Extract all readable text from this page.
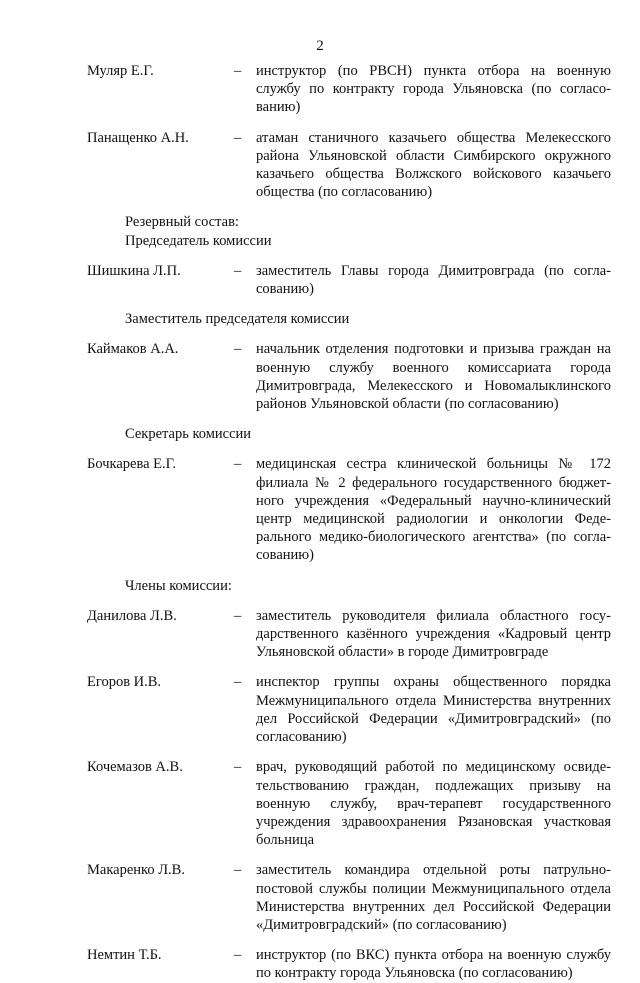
2
Муляр Е.Г.	–	инструктор (по РВСН) пункта отбора на военную службу по контракту города Ульяновска (по согласованию)
Панащенко А.Н.	–	атаман станичного казачьего общества Мелекесского района Ульяновской области Симбирского окружного казачьего общества Волжского войскового казачьего общества (по согласованию)
Резервный состав:
Председатель комиссии
Шишкина Л.П.	–	заместитель Главы города Димитровграда (по согласованию)
Заместитель председателя комиссии
Каймаков А.А.	–	начальник отделения подготовки и призыва граждан на военную службу военного комиссариата города Димитровграда, Мелекесского и Новомалыклинского районов Ульяновской области (по согласованию)
Секретарь комиссии
Бочкарева Е.Г.	–	медицинская сестра клинической больницы № 172 филиала № 2 федерального государственного бюджетного учреждения «Федеральный научно-клинический центр медицинской радиологии и онкологии Федерального медико-биологического агентства» (по согласованию)
Члены комиссии:
Данилова Л.В.	–	заместитель руководителя филиала областного государственного казённого учреждения «Кадровый центр Ульяновской области» в городе Димитровграде
Егоров И.В.	–	инспектор группы охраны общественного порядка Межмуниципального отдела Министерства внутренних дел Российской Федерации «Димитровградский» (по согласованию)
Кочемазов А.В.	–	врач, руководящий работой по медицинскому освидетельствованию граждан, подлежащих призыву на военную службу, врач-терапевт государственного учреждения здравоохранения Рязановская участковая больница
Макаренко Л.В.	–	заместитель командира отдельной роты патрульно-постовой службы полиции Межмуниципального отдела Министерства внутренних дел Российской Федерации «Димитровградский» (по согласованию)
Немтин Т.Б.	–	инструктор (по ВКС) пункта отбора на военную службу по контракту города Ульяновска (по согласованию)
